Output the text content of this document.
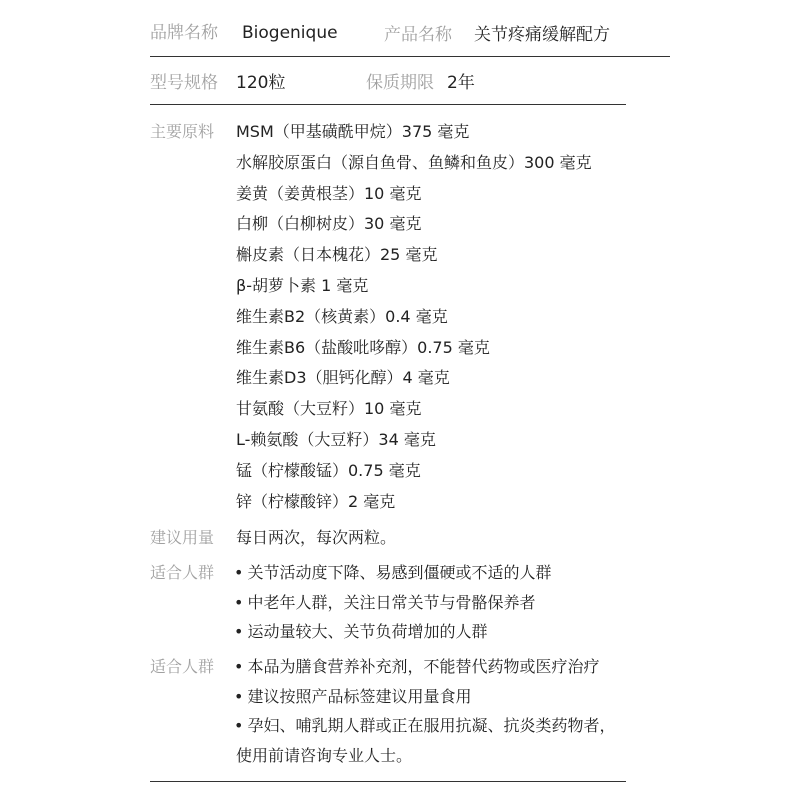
品牌名称 Biogenique	产品名称 关节疼痛缓解配方
型号规格 120粒	保质期限 2年
主要原料 MSM（甲基磺酰甲烷）375 毫克
水解胶原蛋白（源自鱼骨、鱼鳞和鱼皮）300 毫克
姜黄（姜黄根茎）10 毫克
白柳（白柳树皮）30 毫克
槲皮素（日本槐花）25 毫克
β-胡萝卜素 1 毫克
维生素B2（核黄素）0.4 毫克
维生素B6（盐酸吡哆醇）0.75 毫克
维生素D3（胆钙化醇）4 毫克
甘氨酸（大豆籽）10 毫克
L-赖氨酸（大豆籽）34 毫克
锰（柠檬酸锰）0.75 毫克
锌（柠檬酸锌）2 毫克
建议用量 每日两次，每次两粒。
适合人群 • 关节活动度下降、易感到僵硬或不适的人群
• 中老年人群，关注日常关节与骨骼保养者
• 运动量较大、关节负荷增加的人群
适合人群 • 本品为膳食营养补充剂，不能替代药物或医疗治疗
• 建议按照产品标签建议用量食用
• 孕妇、哺乳期人群或正在服用抗凝、抗炎类药物者，
使用前请咨询专业人士。
